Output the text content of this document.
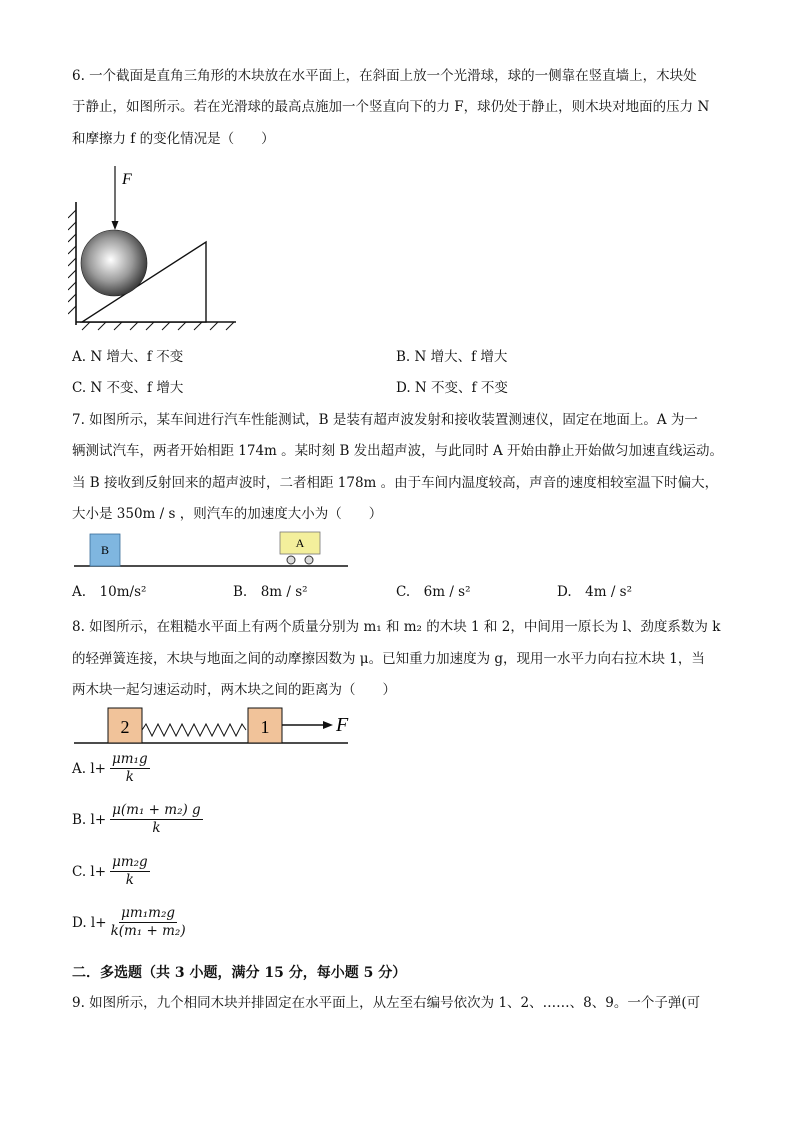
6. 一个截面是直角三角形的木块放在水平面上，在斜面上放一个光滑球，球的一侧靠在竖直墙上，木块处
于静止，如图所示。若在光滑球的最高点施加一个竖直向下的力 F，球仍处于静止，则木块对地面的压力 N
和摩擦力 f 的变化情况是（　　）
F
A. N 增大、f 不变	B. N 增大、f 增大
C. N 不变、f 增大	D. N 不变、f 不变
7. 如图所示，某车间进行汽车性能测试，B 是装有超声波发射和接收装置测速仪，固定在地面上。A 为一
辆测试汽车，两者开始相距 174m 。某时刻 B 发出超声波，与此同时 A 开始由静止开始做匀加速直线运动。
当 B 接收到反射回来的超声波时，二者相距 178m 。由于车间内温度较高，声音的速度相较室温下时偏大，
大小是 350m / s ，则汽车的加速度大小为（　　）
B	A
A.　10m/s²	B.　8m / s²	C.　6m / s²	D.　4m / s²
8. 如图所示，在粗糙水平面上有两个质量分别为 m₁ 和 m₂ 的木块 1 和 2，中间用一原长为 l、劲度系数为 k
的轻弹簧连接，木块与地面之间的动摩擦因数为 μ。已知重力加速度为 g，现用一水平力向右拉木块 1，当
两木块一起匀速运动时，两木块之间的距离为（　　）
2	1	F
A. $l+ \frac{\text{μm₁g}}{k}$
B. $l+ \frac{\text{μ(m₁ + m₂) g}}{k}$
C. $l+ \frac{\text{μm₂g}}{k}$
D. $l+ \frac{\text{μm₁m₂g}}{\text{k(m₁ + m₂)}}$
二．多选题（共 3 小题，满分 15 分，每小题 5 分）
9. 如图所示，九个相同木块并排固定在水平面上，从左至右编号依次为 1、2、……、8、9。一个子弹(可
